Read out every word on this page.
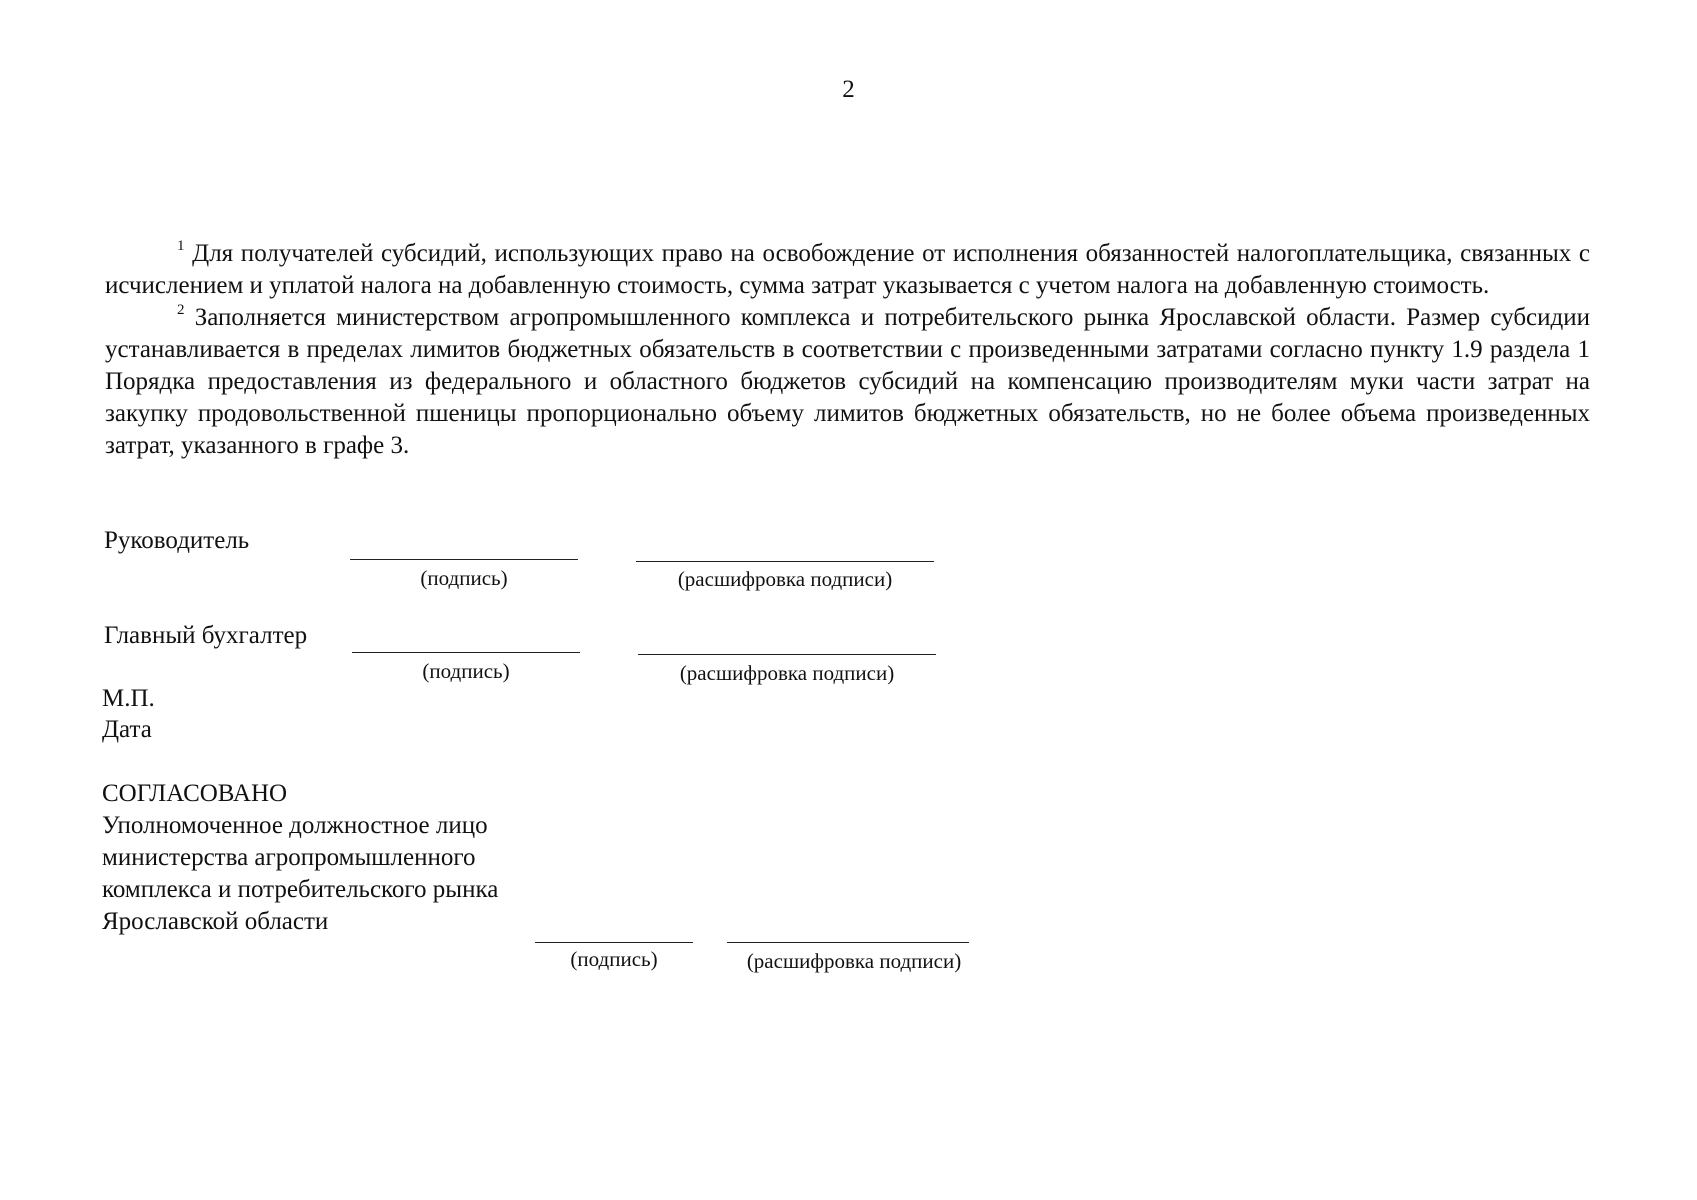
2

$^1$ Для получателей субсидий, использующих право на освобождение от исполнения обязанностей налогоплательщика, связанных с исчислением и уплатой налога на добавленную стоимость, сумма затрат указывается с учетом налога на добавленную стоимость.

$^2$ Заполняется министерством агропромышленного комплекса и потребительского рынка Ярославской области. Размер субсидии устанавливается в пределах лимитов бюджетных обязательств в соответствии с произведенными затратами согласно пункту 1.9 раздела 1 Порядка предоставления из федерального и областного бюджетов субсидий на компенсацию производителям муки части затрат на закупку продовольственной пшеницы пропорционально объему лимитов бюджетных обязательств, но не более объема произведенных затрат, указанного в графе 3.

Руководитель
(подпись)	(расшифровка подписи)
Главный бухгалтер
(подпись)	(расшифровка подписи)
М.П.
Дата
СОГЛАСОВАНО
Уполномоченное должностное лицо
министерства агропромышленного
комплекса и потребительского рынка
Ярославской области
(подпись)	(расшифровка подписи)
